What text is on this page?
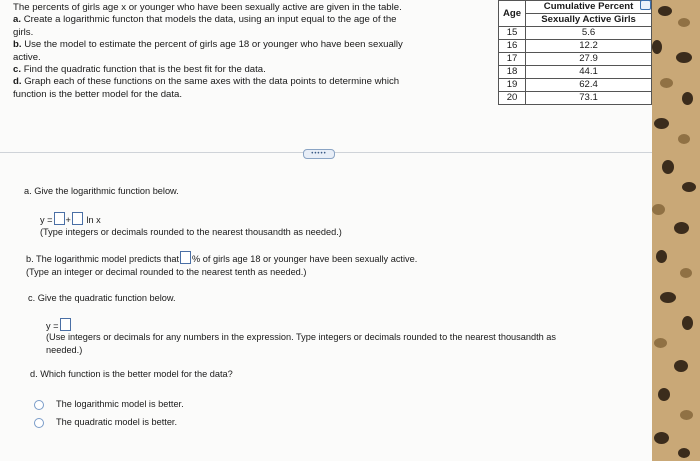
The percents of girls age x or younger who have been sexually active are given in the table.

a. Create a logarithmic functon that models the data, using an input equal to the age of the girls.
b. Use the model to estimate the percent of girls age 18 or younger who have been sexually active.
c. Find the quadratic function that is the best fit for the data.
d. Graph each of these functions on the same axes with the data points to determine which function is the better model for the data.
Age	Cumulative Percent
	Sexually Active Girls
15	5.6
16	12.2
17	27.9
18	44.1
19	62.4
20	73.1
•••••
a. Give the logarithmic function below.
y = + ln x
(Type integers or decimals rounded to the nearest thousandth as needed.)
b. The logarithmic model predicts that % of girls age 18 or younger have been sexually active.
(Type an integer or decimal rounded to the nearest tenth as needed.)
c. Give the quadratic function below.
y =
(Use integers or decimals for any numbers in the expression. Type integers or decimals rounded to the nearest thousandth as
needed.)
d. Which function is the better model for the data?
The logarithmic model is better.
The quadratic model is better.
